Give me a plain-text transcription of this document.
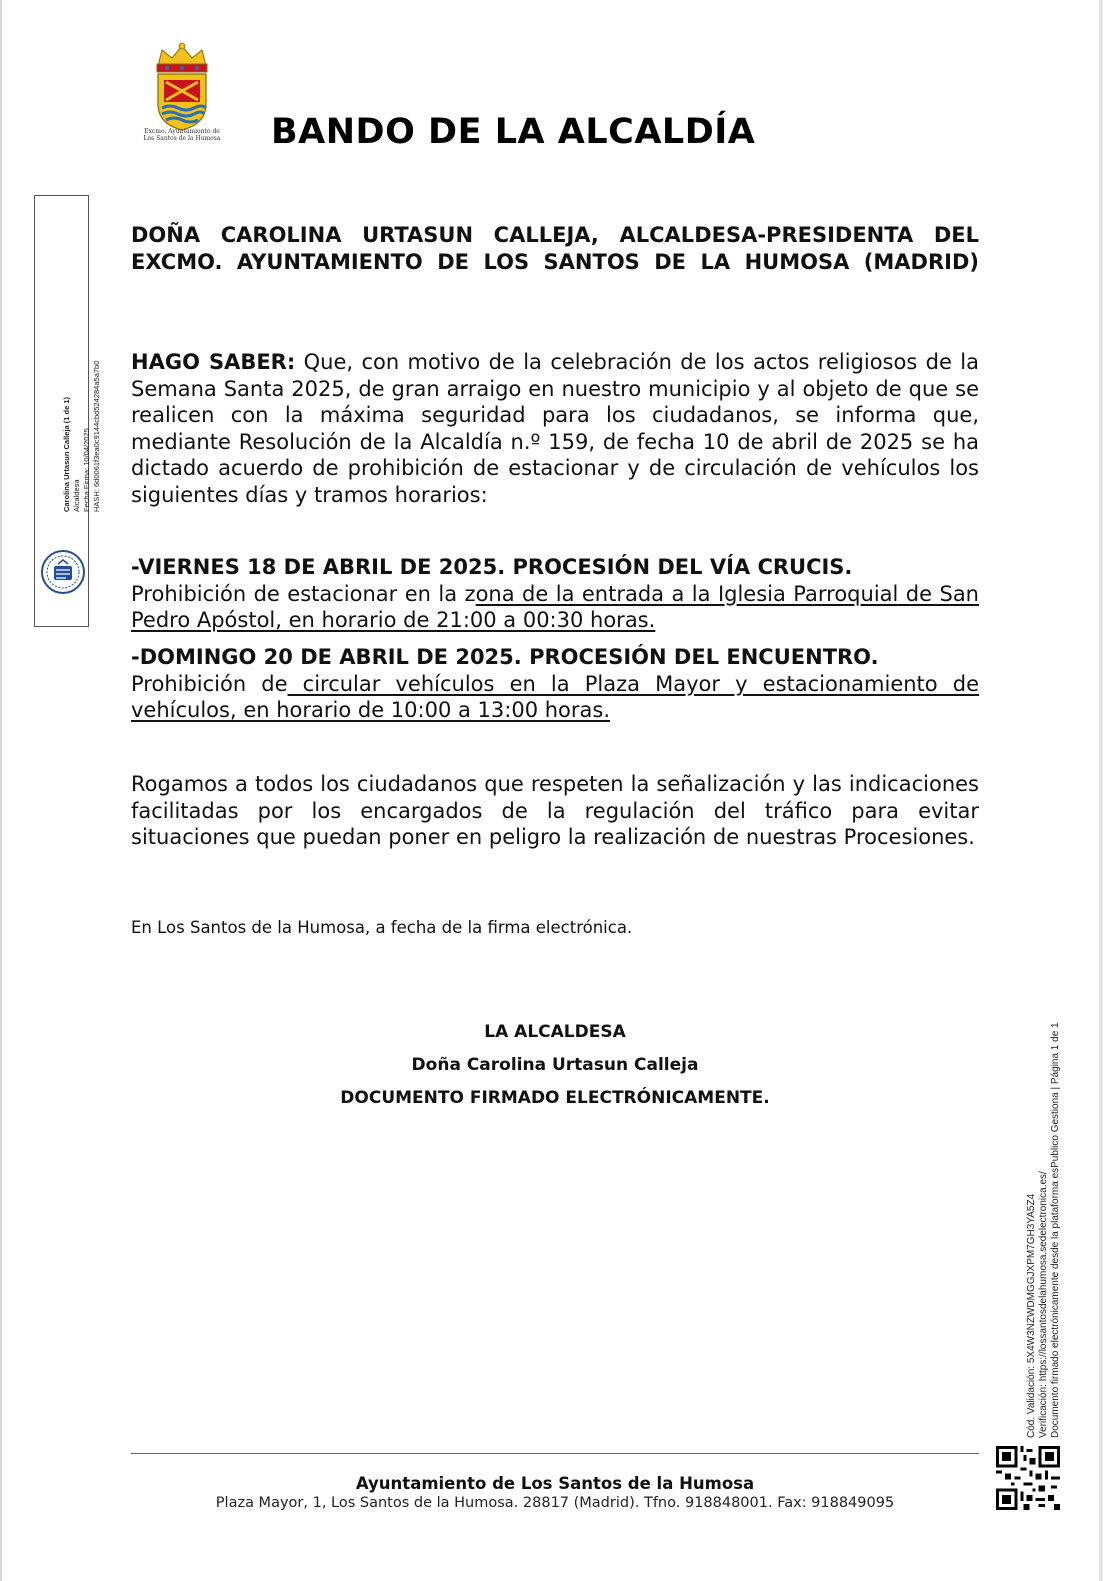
Excmo. Ayuntamiento de Los Santos de la Humosa BANDO DE LA ALCALDÍA
Carolina Urtasun Calleja (1 de 1) Alcaldesa Fecha Firma: 10/04/2025 HASH: 6d0061f3ea0c9144cbd524284a5a7b0

DOÑA CAROLINA URTASUN CALLEJA, ALCALDESA-PRESIDENTA DEL EXCMO. AYUNTAMIENTO DE LOS SANTOS DE LA HUMOSA (MADRID)

HAGO SABER: Que, con motivo de la celebración de los actos religiosos de la Semana Santa 2025, de gran arraigo en nuestro municipio y al objeto de que se realicen con la máxima seguridad para los ciudadanos, se informa que, mediante Resolución de la Alcaldía n.º 159, de fecha 10 de abril de 2025 se ha dictado acuerdo de prohibición de estacionar y de circulación de vehículos los siguientes días y tramos horarios:

-VIERNES 18 DE ABRIL DE 2025. PROCESIÓN DEL VÍA CRUCIS.
Prohibición de estacionar en la zona de la entrada a la Iglesia Parroquial de San Pedro Apóstol, en horario de 21:00 a 00:30 horas.

-DOMINGO 20 DE ABRIL DE 2025. PROCESIÓN DEL ENCUENTRO.
Prohibición de circular vehículos en la Plaza Mayor y estacionamiento de vehículos, en horario de 10:00 a 13:00 horas.

Rogamos a todos los ciudadanos que respeten la señalización y las indicaciones facilitadas por los encargados de la regulación del tráfico para evitar situaciones que puedan poner en peligro la realización de nuestras Procesiones.

En Los Santos de la Humosa, a fecha de la firma electrónica.

LA ALCALDESA
Doña Carolina Urtasun Calleja
DOCUMENTO FIRMADO ELECTRÓNICAMENTE.
Cód. Validación: 5X4W3NZWDMGGJXPM7GH3YA5Z4 Verificación: https://lossantosdelahumosa.sedelectronica.es/ Documento firmado electrónicamente desde la plataforma esPublico Gestiona | Página 1 de 1

Ayuntamiento de Los Santos de la Humosa

Plaza Mayor, 1, Los Santos de la Humosa. 28817 (Madrid). Tfno. 918848001. Fax: 918849095
